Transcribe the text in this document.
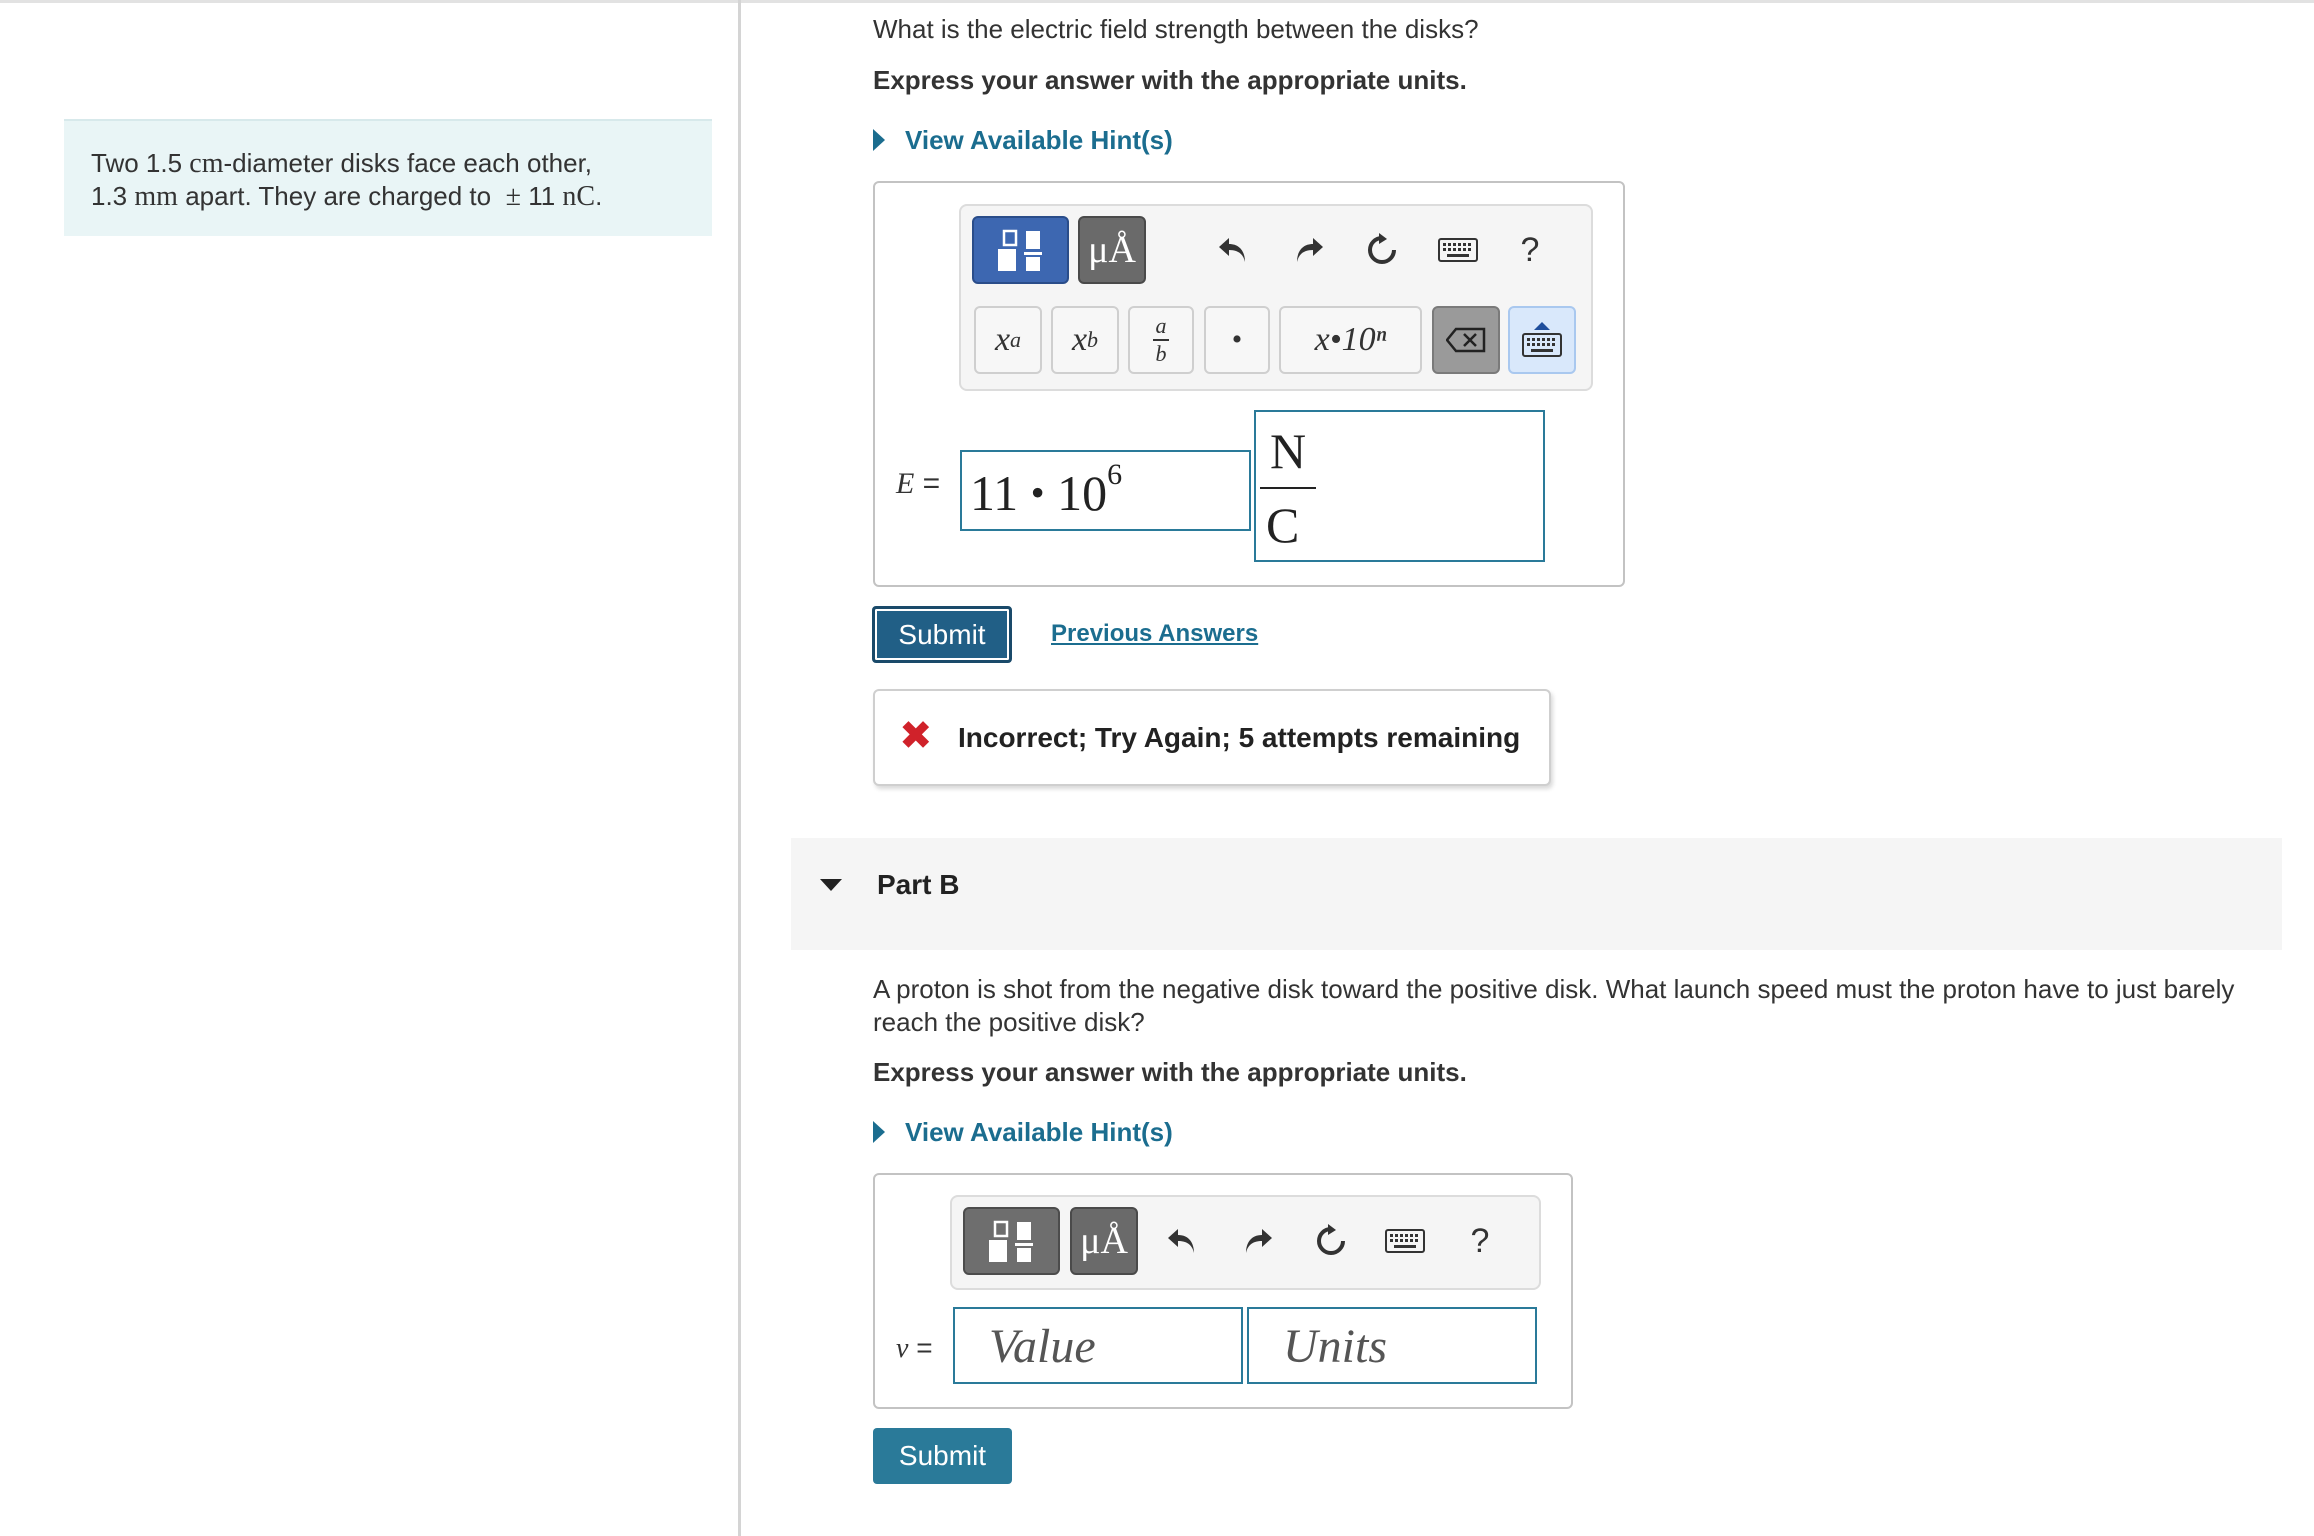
Two 1.5 cm-diameter disks face each other,
1.3 mm apart. They are charged to ± 11 nC.
What is the electric field strength between the disks?
Express your answer with the appropriate units.
View Available Hint(s)
μÅ	?
x a x b
a
b	•	x•10ⁿ
E = 11 • $10^6$	N
C
Submit	Previous Answers
✖ Incorrect; Try Again; 5 attempts remaining
Part B
A proton is shot from the negative disk toward the positive disk. What launch speed must the proton have to just barely
reach the positive disk?
Express your answer with the appropriate units.
View Available Hint(s)
μÅ	?
v = Value	Units
Submit
